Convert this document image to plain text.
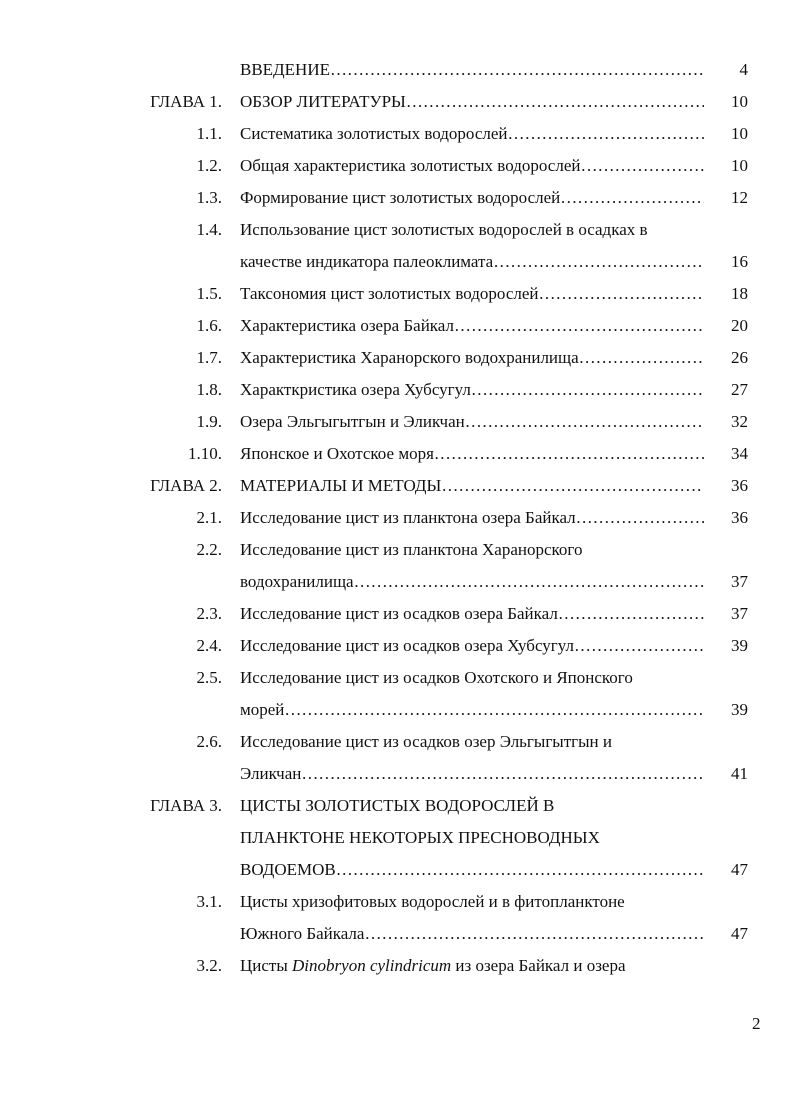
ВВЕДЕНИЕ …………………………………………………………………………………………………………………………	4
ГЛАВА 1. ОБЗОР ЛИТЕРАТУРЫ …………………………………………………………………………………………………………………………	10
1.1. Систематика золотистых водорослей …………………………………………………………………………………………………………………………	10
1.2. Общая характеристика золотистых водорослей …………………………………………………………………………………………………………………………	10
1.3. Формирование цист золотистых водорослей …………………………………………………………………………………………………………………………	12
1.4. Использование цист золотистых водорослей в осадках в
качестве индикатора палеоклимата …………………………………………………………………………………………………………………………	16
1.5. Таксономия цист золотистых водорослей …………………………………………………………………………………………………………………………	18
1.6. Характеристика озера Байкал …………………………………………………………………………………………………………………………	20
1.7. Характеристика Харанорского водохранилища …………………………………………………………………………………………………………………………	26
1.8. Характкристика озера Хубсугул …………………………………………………………………………………………………………………………	27
1.9. Озера Эльгыгытгын и Эликчан …………………………………………………………………………………………………………………………	32
1.10. Японское и Охотское моря …………………………………………………………………………………………………………………………	34
ГЛАВА 2. МАТЕРИАЛЫ И МЕТОДЫ …………………………………………………………………………………………………………………………	36
2.1. Исследование цист из планктона озера Байкал …………………………………………………………………………………………………………………………	36
2.2. Исследование цист из планктона Харанорского
водохранилища …………………………………………………………………………………………………………………………	37
2.3. Исследование цист из осадков озера Байкал …………………………………………………………………………………………………………………………	37
2.4. Исследование цист из осадков озера Хубсугул …………………………………………………………………………………………………………………………	39
2.5. Исследование цист из осадков Охотского и Японского
морей …………………………………………………………………………………………………………………………	39
2.6. Исследование цист из осадков озер Эльгыгытгын и
Эликчан …………………………………………………………………………………………………………………………	41
ГЛАВА 3. ЦИСТЫ ЗОЛОТИСТЫХ ВОДОРОСЛЕЙ В
ПЛАНКТОНЕ НЕКОТОРЫХ ПРЕСНОВОДНЫХ
ВОДОЕМОВ …………………………………………………………………………………………………………………………	47
3.1. Цисты хризофитовых водорослей и в фитопланктоне
Южного Байкала …………………………………………………………………………………………………………………………	47
3.2. Цисты Dinobryon cylindricum из озера Байкал и озера
2
